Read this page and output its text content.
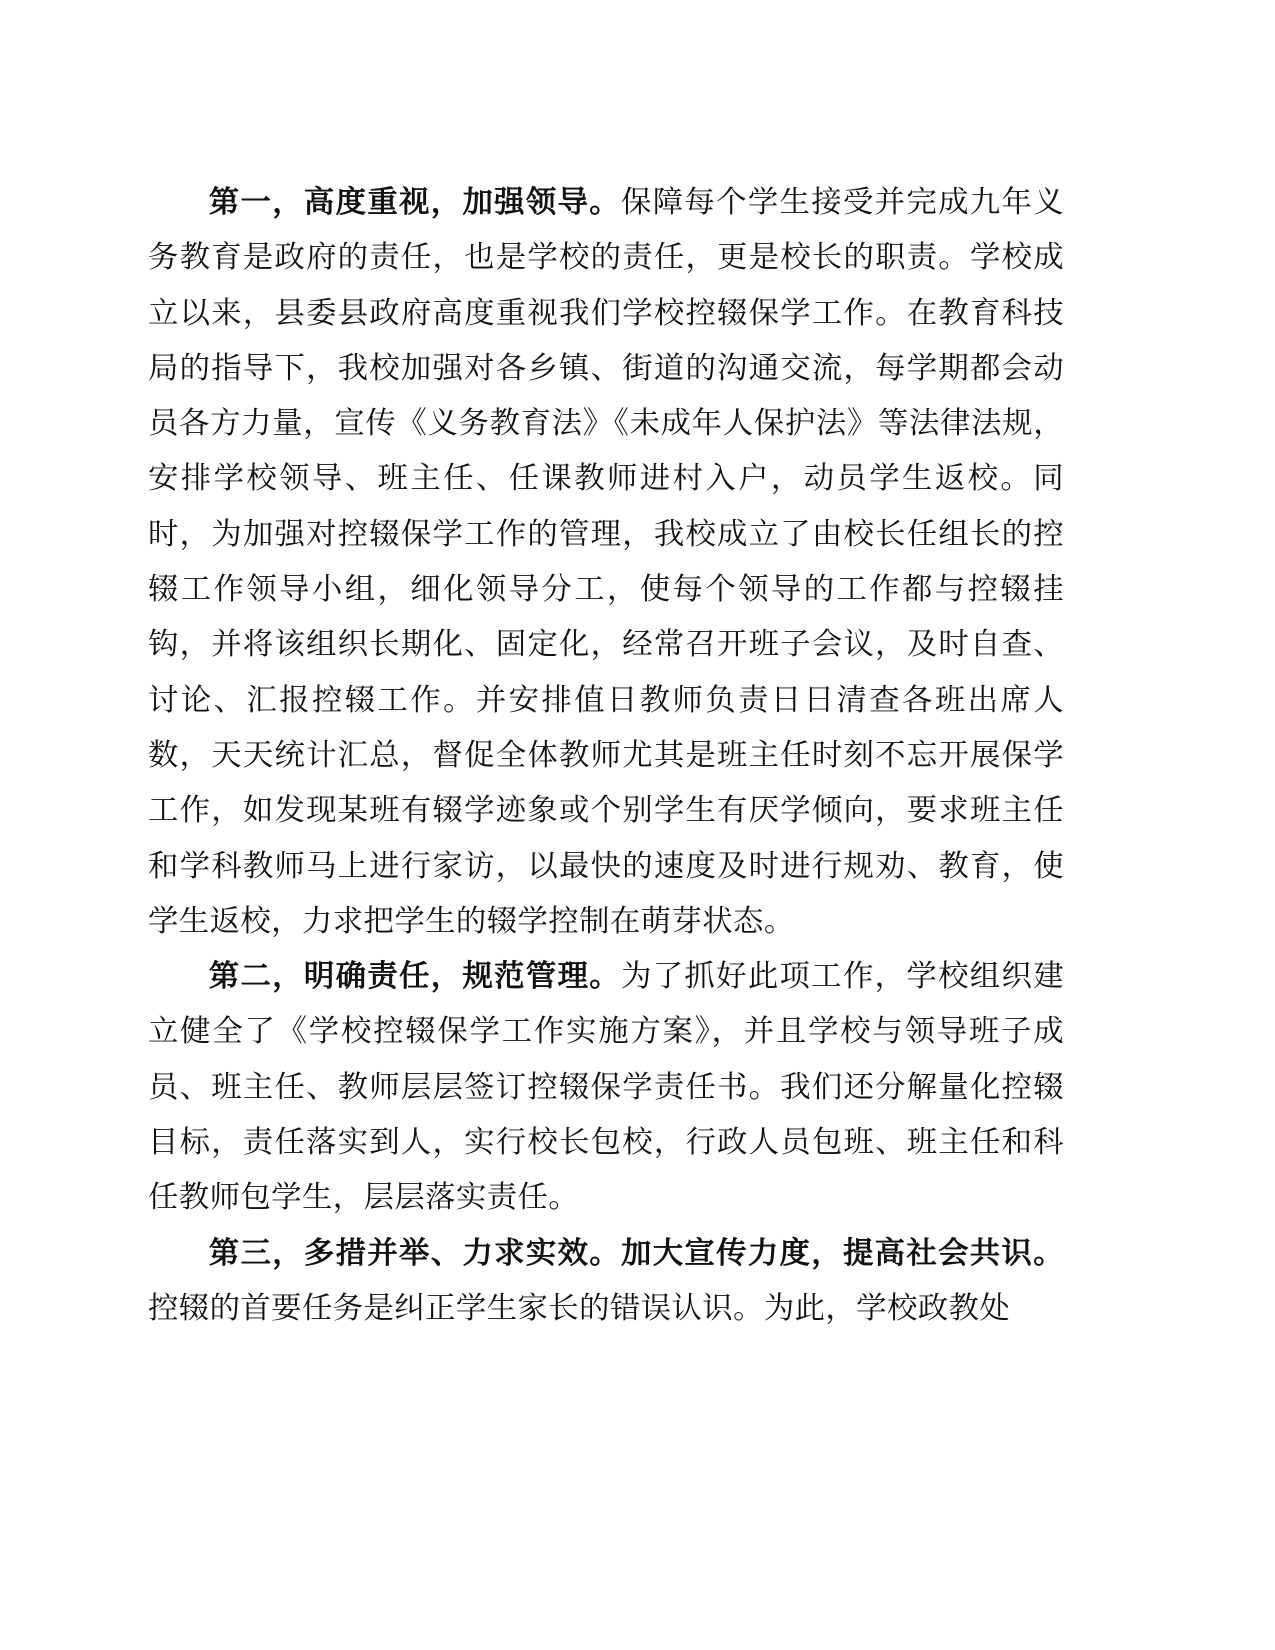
第一，高度重视，加强领导。保障每个学生接受并完成九年义务教育是政府的责任，也是学校的责任，更是校长的职责。学校成立以来，县委县政府高度重视我们学校控辍保学工作。在教育科技局的指导下，我校加强对各乡镇、街道的沟通交流，每学期都会动员各方力量，宣传《义务教育法》《未成年人保护法》等法律法规，安排学校领导、班主任、任课教师进村入户，动员学生返校。同时，为加强对控辍保学工作的管理，我校成立了由校长任组长的控辍工作领导小组，细化领导分工，使每个领导的工作都与控辍挂钩，并将该组织长期化、固定化，经常召开班子会议，及时自查、讨论、汇报控辍工作。并安排值日教师负责日日清查各班出席人数，天天统计汇总，督促全体教师尤其是班主任时刻不忘开展保学工作，如发现某班有辍学迹象或个别学生有厌学倾向，要求班主任和学科教师马上进行家访，以最快的速度及时进行规劝、教育，使学生返校，力求把学生的辍学控制在萌芽状态。

第二，明确责任，规范管理。为了抓好此项工作，学校组织建立健全了《学校控辍保学工作实施方案》，并且学校与领导班子成员、班主任、教师层层签订控辍保学责任书。我们还分解量化控辍目标，责任落实到人，实行校长包校，行政人员包班、班主任和科任教师包学生，层层落实责任。

第三，多措并举、力求实效。加大宣传力度，提高社会共识。控辍的首要任务是纠正学生家长的错误认识。为此，学校政教处
